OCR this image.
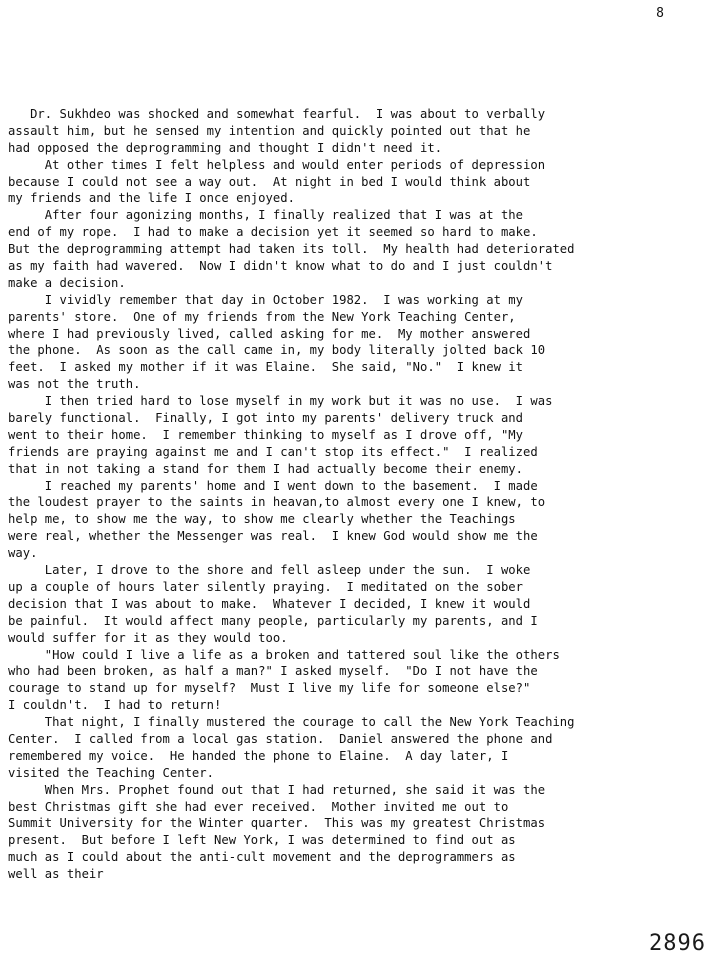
8
Dr. Sukhdeo was shocked and somewhat fearful.  I was about to verbally
assault him, but he sensed my intention and quickly pointed out that he
had opposed the deprogramming and thought I didn't need it.
At other times I felt helpless and would enter periods of depression
because I could not see a way out.  At night in bed I would think about
my friends and the life I once enjoyed.
After four agonizing months, I finally realized that I was at the
end of my rope.  I had to make a decision yet it seemed so hard to make.
But the deprogramming attempt had taken its toll.  My health had deteriorated
as my faith had wavered.  Now I didn't know what to do and I just couldn't
make a decision.
I vividly remember that day in October 1982.  I was working at my
parents' store.  One of my friends from the New York Teaching Center,
where I had previously lived, called asking for me.  My mother answered
the phone.  As soon as the call came in, my body literally jolted back 10
feet.  I asked my mother if it was Elaine.  She said, "No."  I knew it
was not the truth.
I then tried hard to lose myself in my work but it was no use.  I was
barely functional.  Finally, I got into my parents' delivery truck and
went to their home.  I remember thinking to myself as I drove off, "My
friends are praying against me and I can't stop its effect."  I realized
that in not taking a stand for them I had actually become their enemy.
I reached my parents' home and I went down to the basement.  I made
the loudest prayer to the saints in heavan,to almost every one I knew, to
help me, to show me the way, to show me clearly whether the Teachings
were real, whether the Messenger was real.  I knew God would show me the
way.
Later, I drove to the shore and fell asleep under the sun.  I woke
up a couple of hours later silently praying.  I meditated on the sober
decision that I was about to make.  Whatever I decided, I knew it would
be painful.  It would affect many people, particularly my parents, and I
would suffer for it as they would too.
"How could I live a life as a broken and tattered soul like the others
who had been broken, as half a man?" I asked myself.  "Do I not have the
courage to stand up for myself?  Must I live my life for someone else?"
I couldn't.  I had to return!
That night, I finally mustered the courage to call the New York Teaching
Center.  I called from a local gas station.  Daniel answered the phone and
remembered my voice.  He handed the phone to Elaine.  A day later, I
visited the Teaching Center.
When Mrs. Prophet found out that I had returned, she said it was the
best Christmas gift she had ever received.  Mother invited me out to
Summit University for the Winter quarter.  This was my greatest Christmas
present.  But before I left New York, I was determined to find out as
much as I could about the anti-cult movement and the deprogrammers as
well as their
2896
